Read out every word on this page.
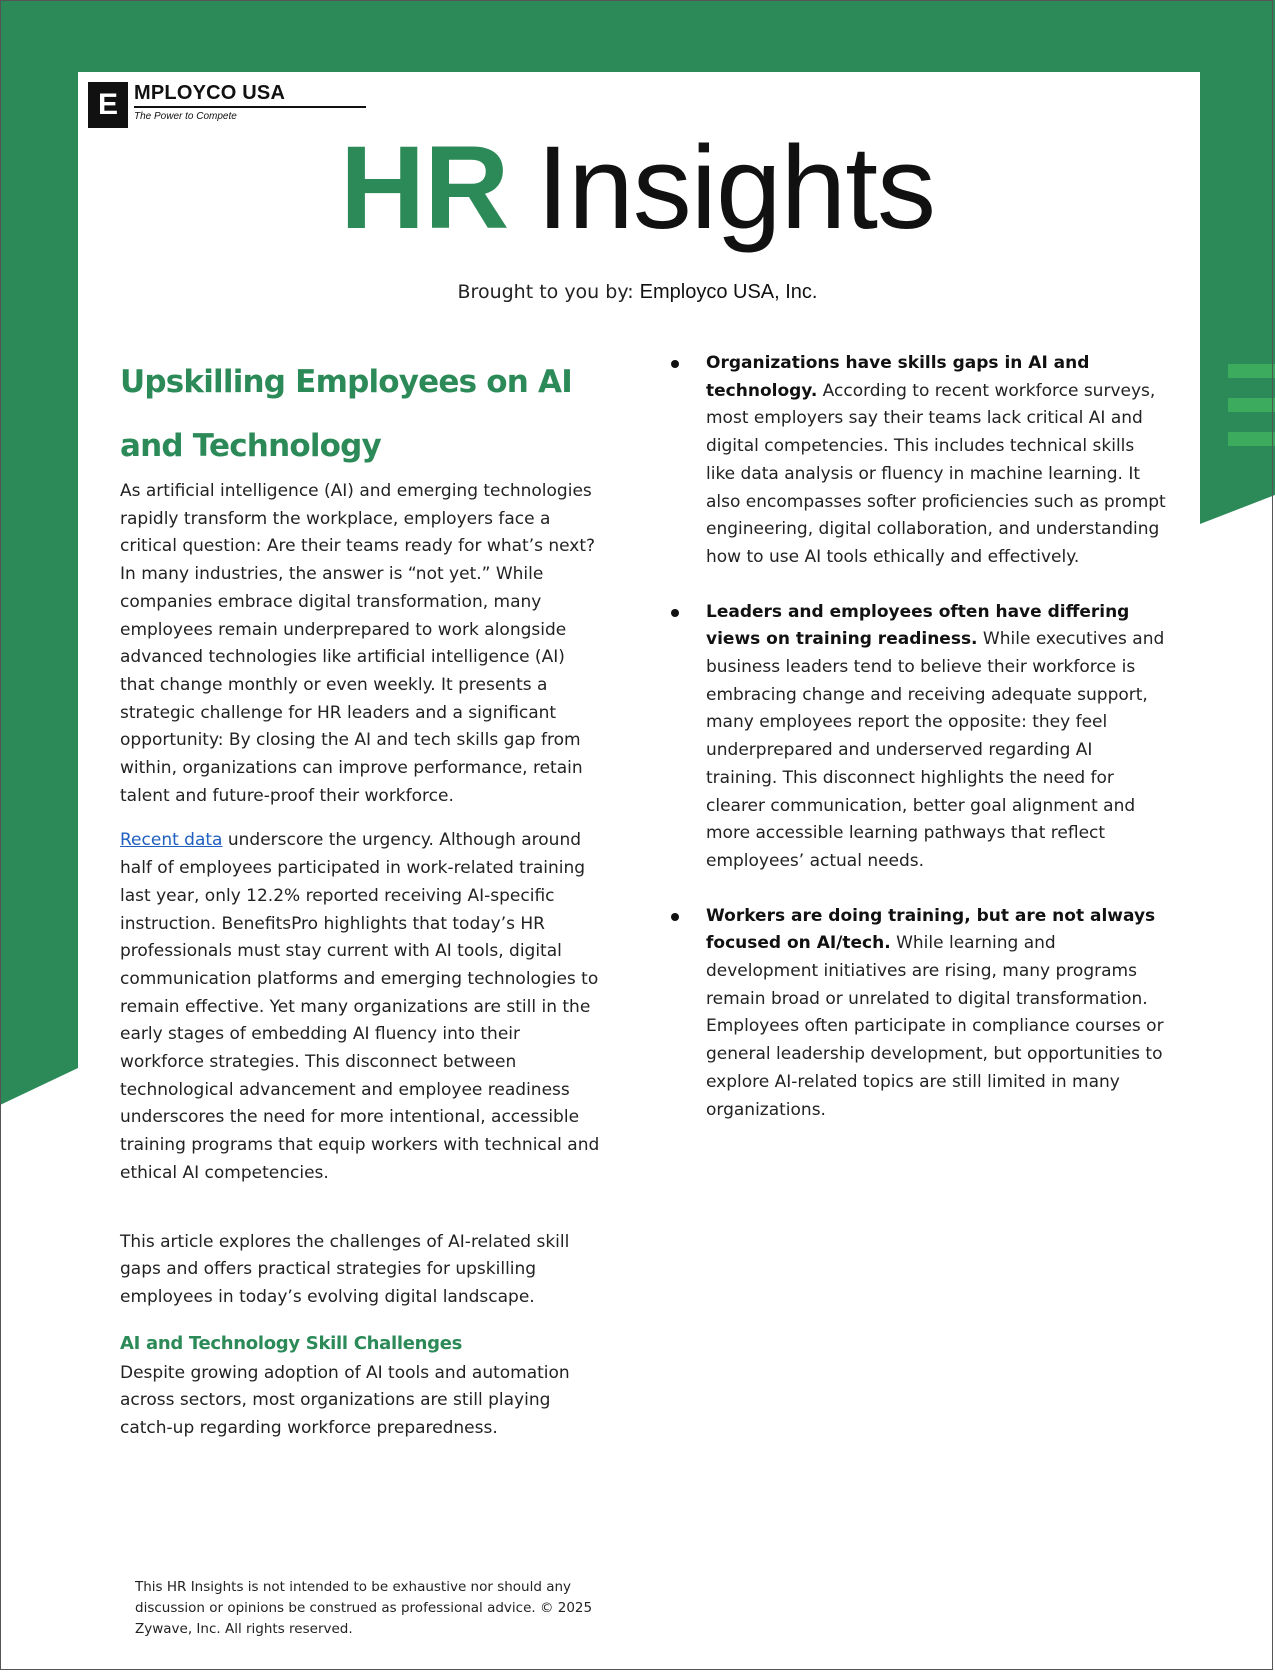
E MPLOYCO USA
The Power to Compete
HR Insights
Brought to you by: Employco USA, Inc.
Upskilling Employees on AI and Technology

As artificial intelligence (AI) and emerging technologies rapidly transform the workplace, employers face a critical question: Are their teams ready for what’s next? In many industries, the answer is “not yet.” While companies embrace digital transformation, many employees remain underprepared to work alongside advanced technologies like artificial intelligence (AI) that change monthly or even weekly. It presents a strategic challenge for HR leaders and a significant opportunity: By closing the AI and tech skills gap from within, organizations can improve performance, retain talent and future-proof their workforce.

Recent data underscore the urgency. Although around half of employees participated in work-related training last year, only 12.2% reported receiving AI-specific instruction. BenefitsPro highlights that today’s HR professionals must stay current with AI tools, digital communication platforms and emerging technologies to remain effective. Yet many organizations are still in the early stages of embedding AI fluency into their workforce strategies. This disconnect between technological advancement and employee readiness underscores the need for more intentional, accessible training programs that equip workers with technical and ethical AI competencies.

This article explores the challenges of AI-related skill gaps and offers practical strategies for upskilling employees in today’s evolving digital landscape.

AI and Technology Skill Challenges

Despite growing adoption of AI tools and automation across sectors, most organizations are still playing catch-up regarding workforce preparedness.

Organizations have skills gaps in AI and technology. According to recent workforce surveys, most employers say their teams lack critical AI and digital competencies. This includes technical skills like data analysis or fluency in machine learning. It also encompasses softer proficiencies such as prompt engineering, digital collaboration, and understanding how to use AI tools ethically and effectively.
Leaders and employees often have differing views on training readiness. While executives and business leaders tend to believe their workforce is embracing change and receiving adequate support, many employees report the opposite: they feel underprepared and underserved regarding AI training. This disconnect highlights the need for clearer communication, better goal alignment and more accessible learning pathways that reflect employees’ actual needs.
Workers are doing training, but are not always focused on AI/tech. While learning and development initiatives are rising, many programs remain broad or unrelated to digital transformation. Employees often participate in compliance courses or general leadership development, but opportunities to explore AI-related topics are still limited in many organizations.
This HR Insights is not intended to be exhaustive nor should any discussion or opinions be construed as professional advice. © 2025 Zywave, Inc. All rights reserved.
